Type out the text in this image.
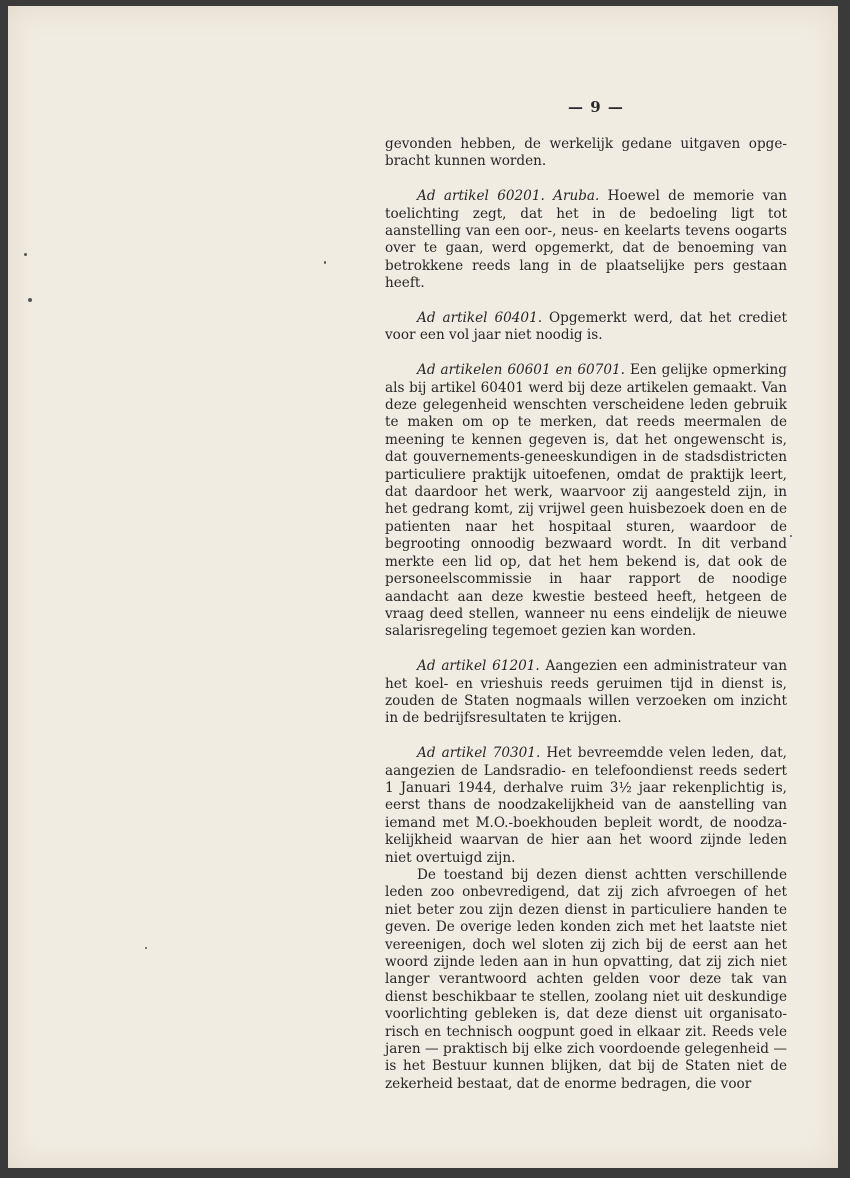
— 9 —

gevonden hebben, de werkelijk gedane uitgaven opgebracht kunnen worden.

Ad artikel 60201. Aruba. Hoewel de memorie van toelichting zegt, dat het in de bedoeling ligt tot aanstelling van een oor-, neus- en keelarts tevens oogarts over te gaan, werd opgemerkt, dat de benoeming van betrokkene reeds lang in de plaatselijke pers gestaan heeft.

Ad artikel 60401. Opgemerkt werd, dat het crediet voor een vol jaar niet noodig is.

Ad artikelen 60601 en 60701. Een gelijke opmerking als bij artikel 60401 werd bij deze artikelen gemaakt. Van deze gelegenheid wenschten verscheidene leden gebruik te maken om op te merken, dat reeds meermalen de meening te kennen gegeven is, dat het ongewenscht is, dat gouvernements-geneeskundigen in de stadsdistricten particuliere praktijk uitoefenen, omdat de praktijk leert, dat daardoor het werk, waarvoor zij aangesteld zijn, in het gedrang komt, zij vrijwel geen huisbezoek doen en de patienten naar het hospitaal sturen, waardoor de begrooting onnoodig bezwaard wordt. In dit verband merkte een lid op, dat het hem bekend is, dat ook de personeelscommissie in haar rapport de noodige aandacht aan deze kwestie besteed heeft, hetgeen de vraag deed stellen, wanneer nu eens eindelijk de nieuwe salarisregeling tegemoet gezien kan worden.

Ad artikel 61201. Aangezien een administrateur van het koel- en vrieshuis reeds geruimen tijd in dienst is, zouden de Staten nogmaals willen verzoeken om inzicht in de bedrijfsresultaten te krijgen.

Ad artikel 70301. Het bevreemdde velen leden, dat, aangezien de Landsradio- en telefoondienst reeds sedert 1 Januari 1944, derhalve ruim 3½ jaar rekenplichtig is, eerst thans de noodzakelijkheid van de aanstelling van iemand met M.O.-boekhouden bepleit wordt, de noodzakelijkheid waarvan de hier aan het woord zijnde leden niet overtuigd zijn.

De toestand bij dezen dienst achtten verschillende leden zoo onbevredigend, dat zij zich afvroegen of het niet beter zou zijn dezen dienst in particuliere handen te geven. De overige leden konden zich met het laatste niet vereenigen, doch wel sloten zij zich bij de eerst aan het woord zijnde leden aan in hun opvatting, dat zij zich niet langer verantwoord achten gelden voor deze tak van dienst beschikbaar te stellen, zoolang niet uit deskundige voorlichting gebleken is, dat deze dienst uit organisatorisch en technisch oogpunt goed in elkaar zit. Reeds vele jaren — praktisch bij elke zich voordoende gelegenheid — is het Bestuur kunnen blijken, dat bij de Staten niet de zekerheid bestaat, dat de enorme bedragen, die voor
